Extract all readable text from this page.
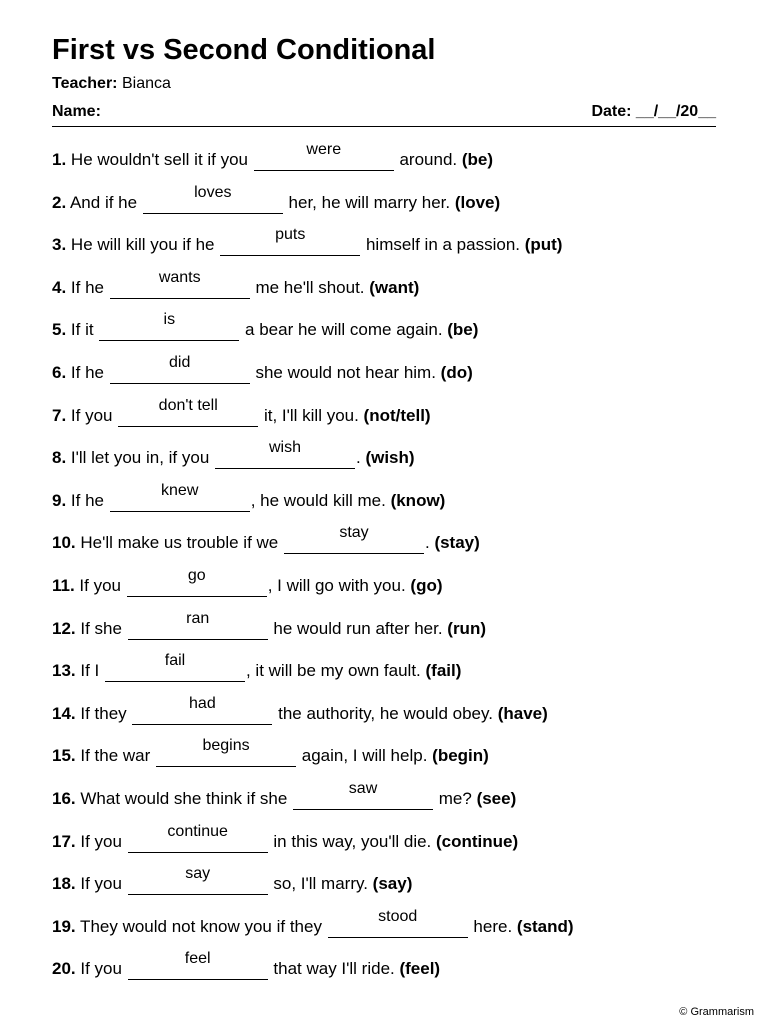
First vs Second Conditional
Teacher: Bianca
Name:	Date: __/__/20__
1. He wouldn't sell it if you
were
around. (be)
2. And if he
loves
her, he will marry her. (love)
3. He will kill you if he
puts
himself in a passion. (put)
4. If he
wants
me he'll shout. (want)
5. If it
is
a bear he will come again. (be)
6. If he
did
she would not hear him. (do)
7. If you
don't tell
it, I'll kill you. (not/tell)
8. I'll let you in, if you
wish
. (wish)
9. If he
knew
, he would kill me. (know)
10. He'll make us trouble if we
stay
. (stay)
11. If you
go
, I will go with you. (go)
12. If she
ran
he would run after her. (run)
13. If I
fail
, it will be my own fault. (fail)
14. If they
had
the authority, he would obey. (have)
15. If the war
begins
again, I will help. (begin)
16. What would she think if she
saw
me? (see)
17. If you
continue
in this way, you'll die. (continue)
18. If you
say
so, I'll marry. (say)
19. They would not know you if they
stood
here. (stand)
20. If you
feel
that way I'll ride. (feel)
© Grammarism
